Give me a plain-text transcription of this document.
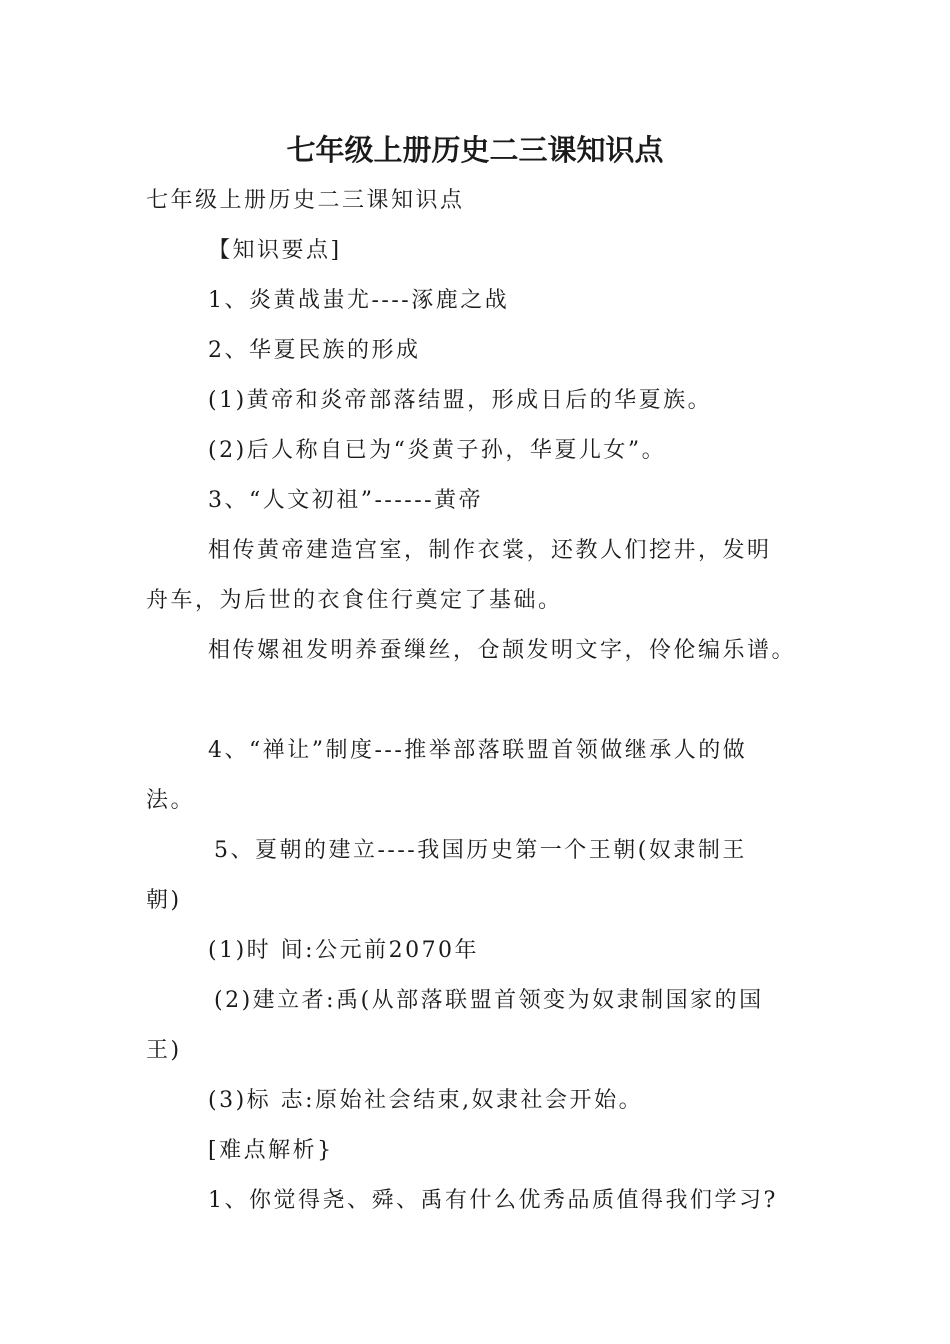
七年级上册历史二三课知识点
七年级上册历史二三课知识点
【知识要点]
1、炎黄战蚩尤----涿鹿之战
2、华夏民族的形成
(1)黄帝和炎帝部落结盟，形成日后的华夏族。
(2)后人称自已为“炎黄子孙，华夏儿女”。
3、“人文初祖”------黄帝
相传黄帝建造宫室，制作衣裳，还教人们挖井，发明
舟车，为后世的衣食住行奠定了基础。
相传嫘祖发明养蚕缫丝，仓颉发明文字，伶伦编乐谱。
4、“禅让”制度---推举部落联盟首领做继承人的做
法。
5、夏朝的建立----我国历史第一个王朝(奴隶制王
朝)
(1)时 间:公元前2070年
(2)建立者:禹(从部落联盟首领变为奴隶制国家的国
王)
(3)标 志:原始社会结束,奴隶社会开始。
[难点解析}
1、你觉得尧、舜、禹有什么优秀品质值得我们学习?
